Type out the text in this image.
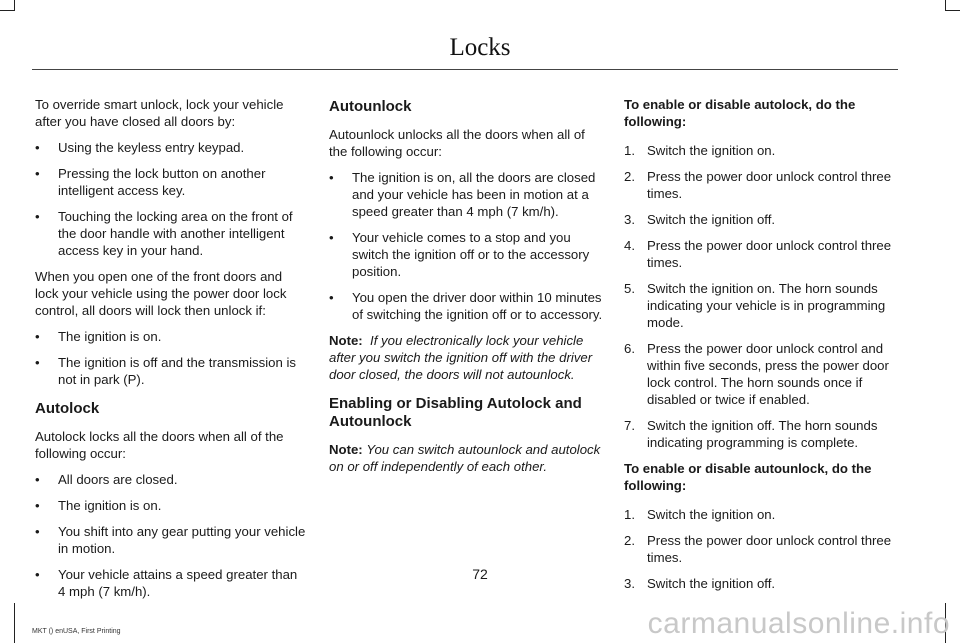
Locks

To override smart unlock, lock your vehicle after you have closed all doors by:

• Using the keyless entry keypad.
• Pressing the lock button on another intelligent access key.
• Touching the locking area on the front of the door handle with another intelligent access key in your hand.

When you open one of the front doors and lock your vehicle using the power door lock control, all doors will lock then unlock if:

• The ignition is on.
• The ignition is off and the transmission is not in park (P).
Autolock

Autolock locks all the doors when all of the following occur:

• All doors are closed.
• The ignition is on.
• You shift into any gear putting your vehicle in motion.
• Your vehicle attains a speed greater than 4 mph (7 km/h).
Autounlock

Autounlock unlocks all the doors when all of the following occur:

• The ignition is on, all the doors are closed and your vehicle has been in motion at a speed greater than 4 mph (7 km/h).
• Your vehicle comes to a stop and you switch the ignition off or to the accessory position.
• You open the driver door within 10 minutes of switching the ignition off or to accessory.

Note: If you electronically lock your vehicle after you switch the ignition off with the driver door closed, the doors will not autounlock.

Enabling or Disabling Autolock and Autounlock

Note: You can switch autounlock and autolock on or off independently of each other.

To enable or disable autolock, do the following:

1. Switch the ignition on.
2. Press the power door unlock control three times.
3. Switch the ignition off.
4. Press the power door unlock control three times.
5. Switch the ignition on. The horn sounds indicating your vehicle is in programming mode.
6. Press the power door unlock control and within five seconds, press the power door lock control. The horn sounds once if disabled or twice if enabled.
7. Switch the ignition off. The horn sounds indicating programming is complete.

To enable or disable autounlock, do the following:

1. Switch the ignition on.
2. Press the power door unlock control three times.
3. Switch the ignition off.
72
MKT () enUSA, First Printing	carmanualsonline.info
